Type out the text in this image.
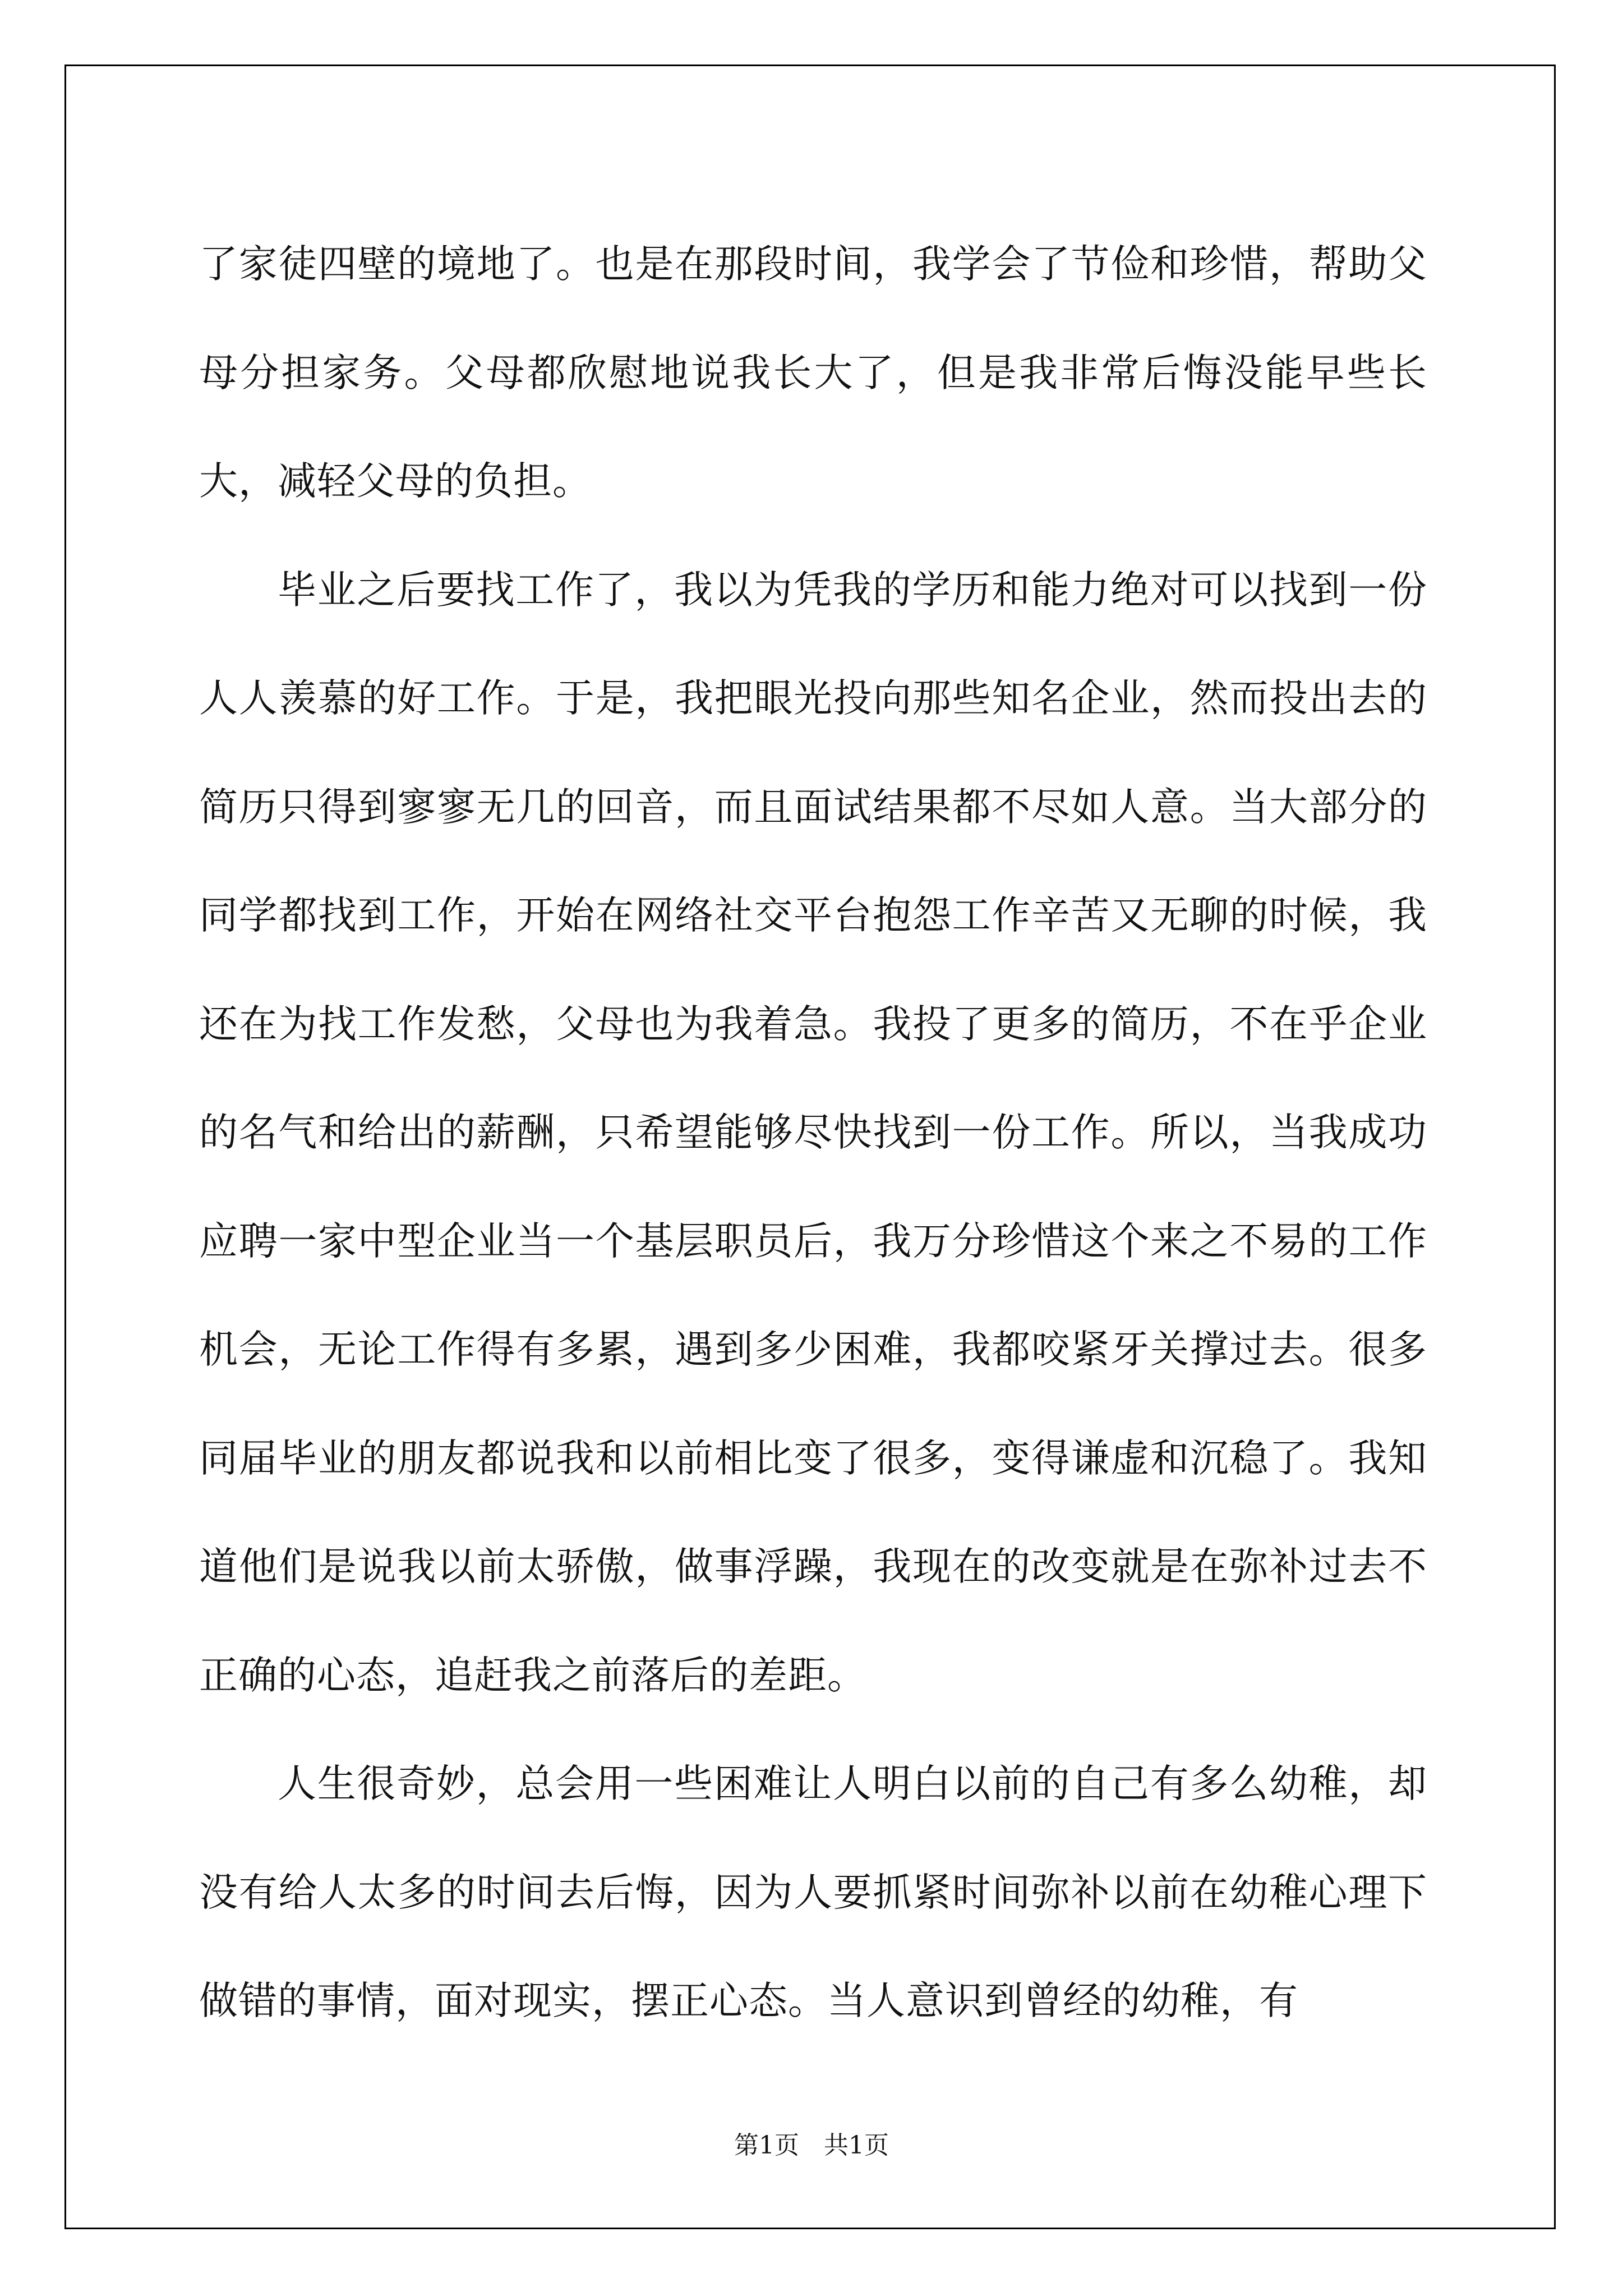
了家徒四壁的境地了。也是在那段时间，我学会了节俭和珍惜，帮助父母分担家务。父母都欣慰地说我长大了，但是我非常后悔没能早些长大，减轻父母的负担。

毕业之后要找工作了，我以为凭我的学历和能力绝对可以找到一份人人羡慕的好工作。于是，我把眼光投向那些知名企业，然而投出去的简历只得到寥寥无几的回音，而且面试结果都不尽如人意。当大部分的同学都找到工作，开始在网络社交平台抱怨工作辛苦又无聊的时候，我还在为找工作发愁，父母也为我着急。我投了更多的简历，不在乎企业的名气和给出的薪酬，只希望能够尽快找到一份工作。所以，当我成功应聘一家中型企业当一个基层职员后，我万分珍惜这个来之不易的工作机会，无论工作得有多累，遇到多少困难，我都咬紧牙关撑过去。很多同届毕业的朋友都说我和以前相比变了很多，变得谦虚和沉稳了。我知道他们是说我以前太骄傲，做事浮躁，我现在的改变就是在弥补过去不正确的心态，追赶我之前落后的差距。

人生很奇妙，总会用一些困难让人明白以前的自己有多么幼稚，却没有给人太多的时间去后悔，因为人要抓紧时间弥补以前在幼稚心理下做错的事情，面对现实，摆正心态。当人意识到曾经的幼稚，有

第1页　共1页
